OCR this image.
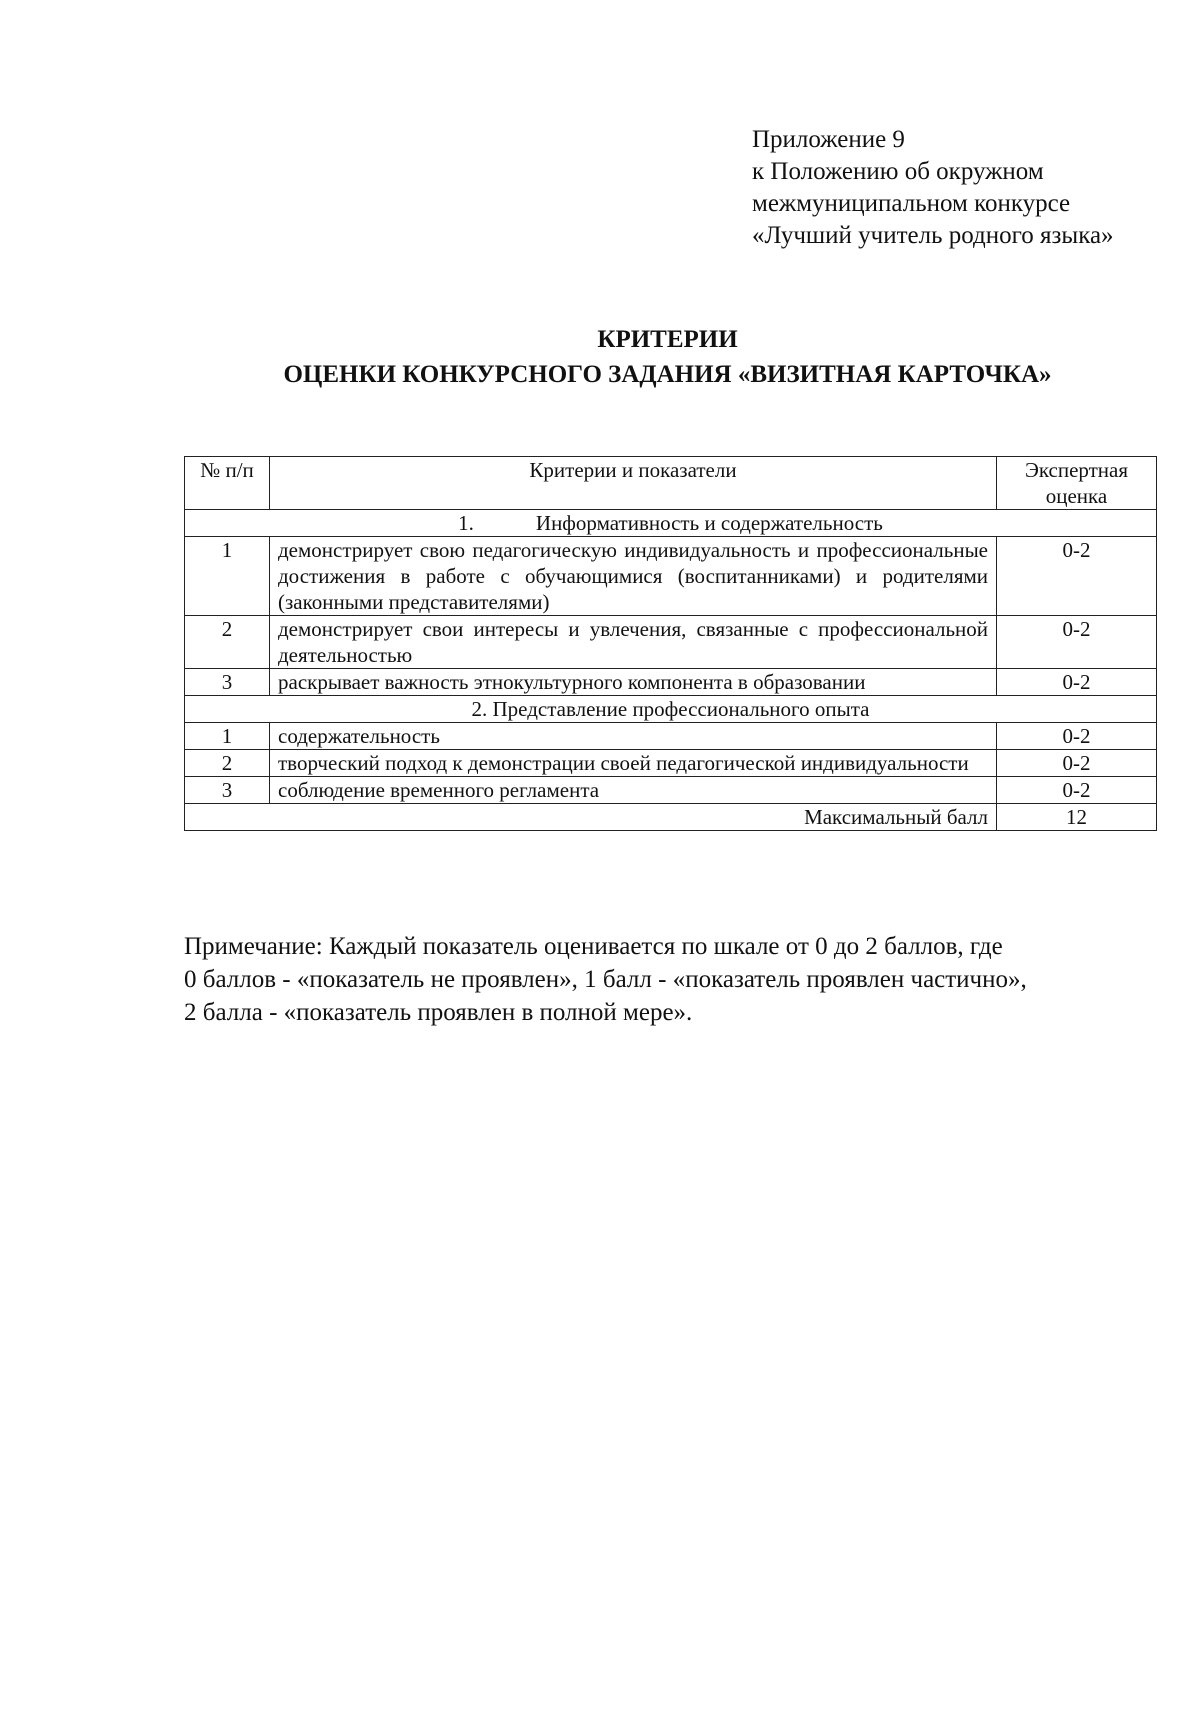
Приложение 9
к Положению об окружном
межмуниципальном конкурсе
«Лучший учитель родного языка»
КРИТЕРИИ
ОЦЕНКИ КОНКУРСНОГО ЗАДАНИЯ «ВИЗИТНАЯ КАРТОЧКА»
№ п/п	Критерии и показатели	Экспертная оценка
1. Информативность и содержательность		
1	демонстрирует свою педагогическую индивидуальность и профессиональные достижения в работе с обучающимися (воспитанниками) и родителями (законными представителями)	0-2
2	демонстрирует свои интересы и увлечения, связанные с профессиональной деятельностью	0-2
3	раскрывает важность этнокультурного компонента в образовании	0-2
2. Представление профессионального опыта		
1	содержательность	0-2
2	творческий подход к демонстрации своей педагогической индивидуальности	0-2
3	соблюдение временного регламента	0-2
Максимальный балл		12
Примечание: Каждый показатель оценивается по шкале от 0 до 2 баллов, где
0 баллов - «показатель не проявлен», 1 балл - «показатель проявлен частично»,
2 балла - «показатель проявлен в полной мере».
